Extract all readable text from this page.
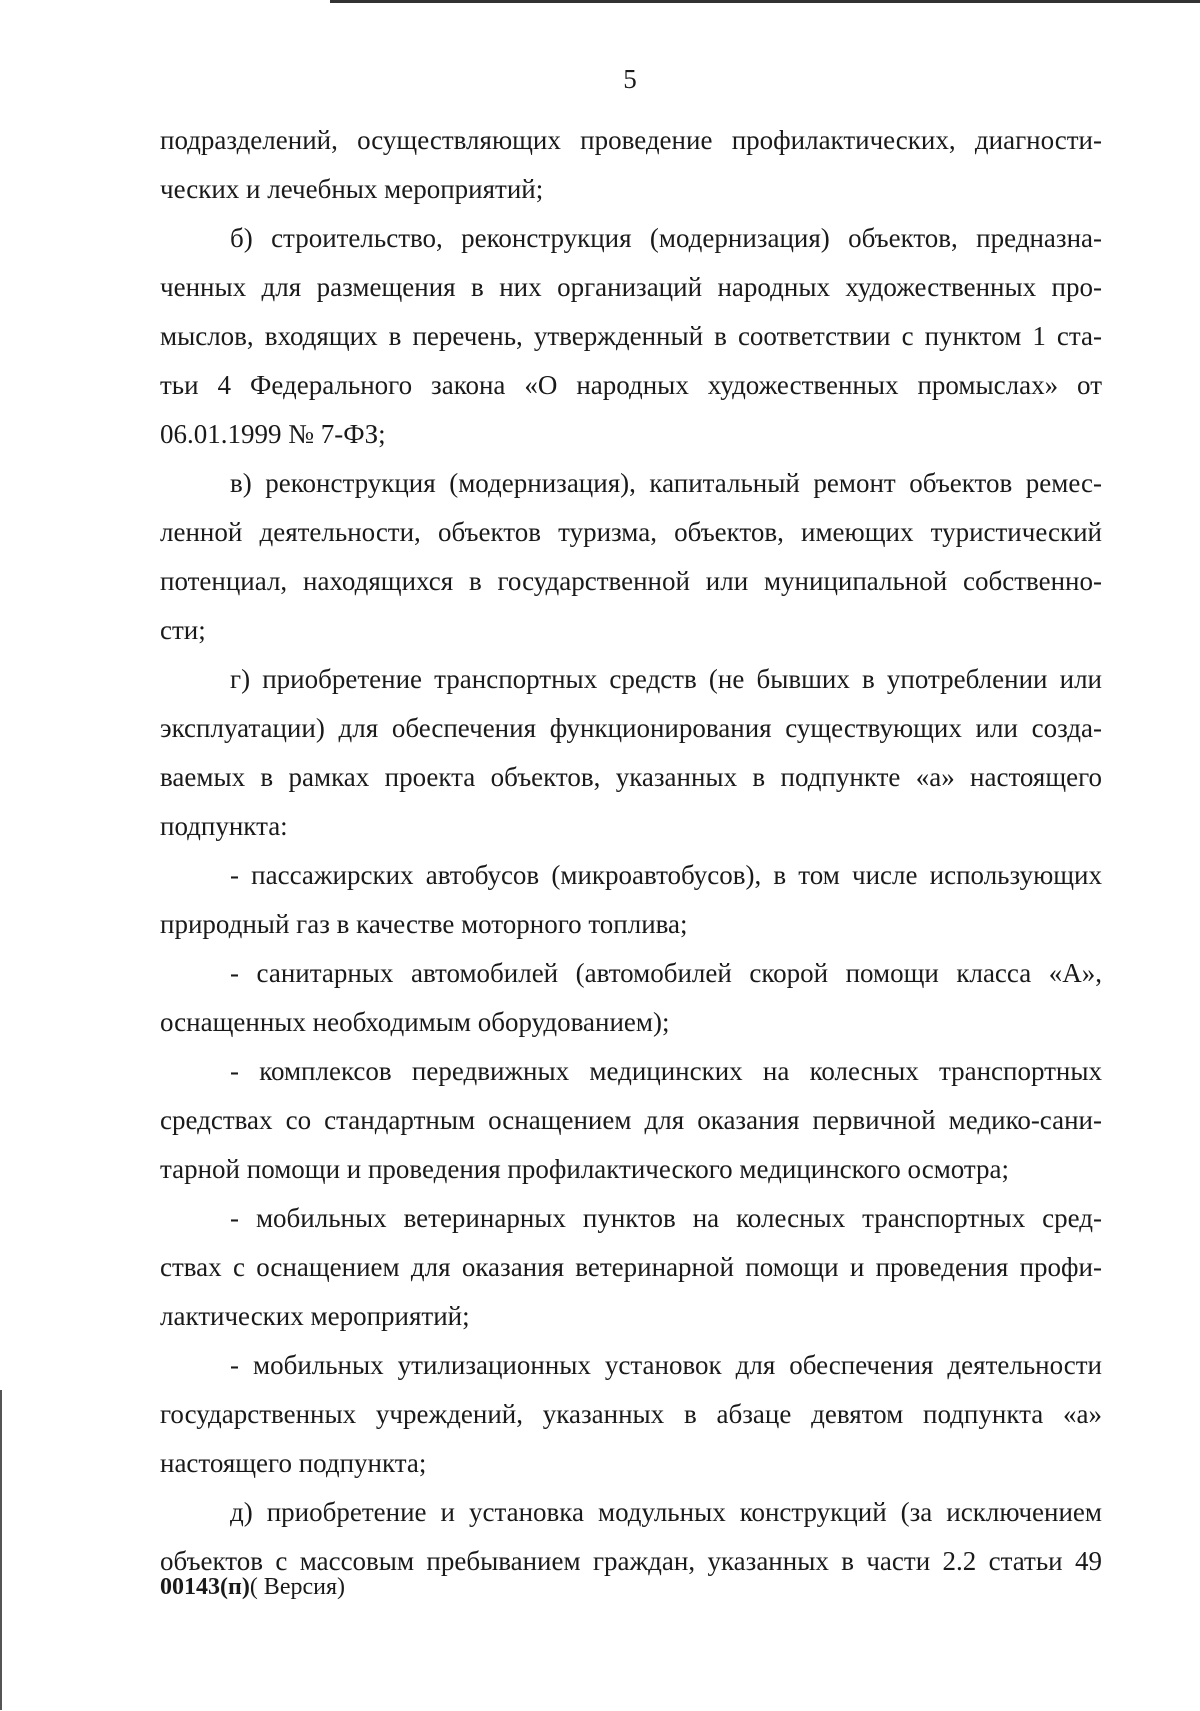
5
подразделений, осуществляющих проведение профилактических, диагности-
ческих и лечебных мероприятий;
б) строительство, реконструкция (модернизация) объектов, предназна-
ченных для размещения в них организаций народных художественных про-
мыслов, входящих в перечень, утвержденный в соответствии с пунктом 1 ста-
тьи 4 Федерального закона «О народных художественных промыслах» от
06.01.1999 № 7-ФЗ;
в) реконструкция (модернизация), капитальный ремонт объектов ремес-
ленной деятельности, объектов туризма, объектов, имеющих туристический
потенциал, находящихся в государственной или муниципальной собственно-
сти;
г) приобретение транспортных средств (не бывших в употреблении или
эксплуатации) для обеспечения функционирования существующих или созда-
ваемых в рамках проекта объектов, указанных в подпункте «а» настоящего
подпункта:
- пассажирских автобусов (микроавтобусов), в том числе использующих
природный газ в качестве моторного топлива;
- санитарных автомобилей (автомобилей скорой помощи класса «А»,
оснащенных необходимым оборудованием);
- комплексов передвижных медицинских на колесных транспортных
средствах со стандартным оснащением для оказания первичной медико-сани-
тарной помощи и проведения профилактического медицинского осмотра;
- мобильных ветеринарных пунктов на колесных транспортных сред-
ствах с оснащением для оказания ветеринарной помощи и проведения профи-
лактических мероприятий;
- мобильных утилизационных установок для обеспечения деятельности
государственных учреждений, указанных в абзаце девятом подпункта «а»
настоящего подпункта;
д) приобретение и установка модульных конструкций (за исключением
объектов с массовым пребыванием граждан, указанных в части 2.2 статьи 49
00143(п)( Версия)
